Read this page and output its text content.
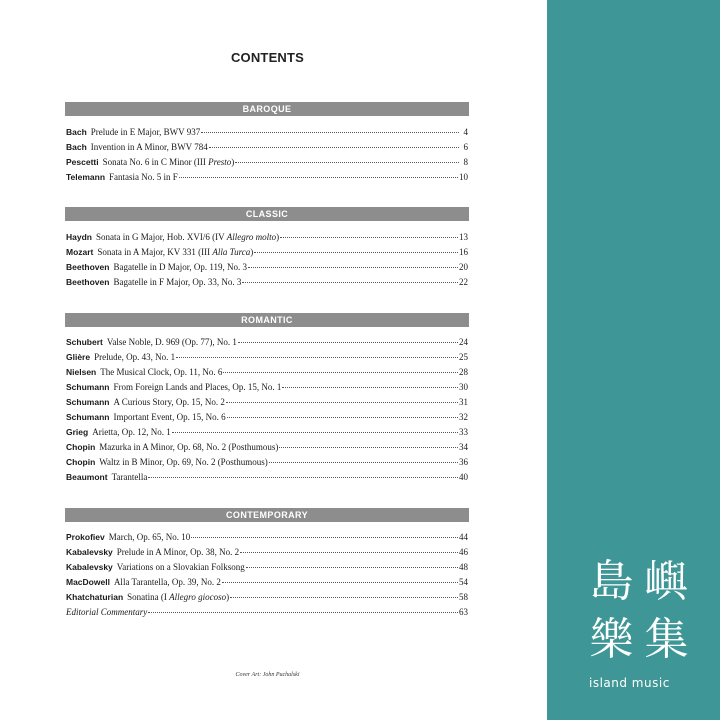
CONTENTS
BAROQUE
Bach Prelude in E Major, BWV 937	4
Bach Invention in A Minor, BWV 784	6
Pescetti Sonata No. 6 in C Minor (III Presto)	8
Telemann Fantasia No. 5 in F	10
CLASSIC
Haydn Sonata in G Major, Hob. XVI/6 (IV Allegro molto)	13
Mozart Sonata in A Major, KV 331 (III Alla Turca)	16
Beethoven Bagatelle in D Major, Op. 119, No. 3	20
Beethoven Bagatelle in F Major, Op. 33, No. 3	22
ROMANTIC
Schubert Valse Noble, D. 969 (Op. 77), No. 1	24
Glière Prelude, Op. 43, No. 1	25
Nielsen The Musical Clock, Op. 11, No. 6	28
Schumann From Foreign Lands and Places, Op. 15, No. 1	30
Schumann A Curious Story, Op. 15, No. 2	31
Schumann Important Event, Op. 15, No. 6	32
Grieg Arietta, Op. 12, No. 1	33
Chopin Mazurka in A Minor, Op. 68, No. 2 (Posthumous)	34
Chopin Waltz in B Minor, Op. 69, No. 2 (Posthumous)	36
Beaumont Tarantella	40
CONTEMPORARY
Prokofiev March, Op. 65, No. 10	44
Kabalevsky Prelude in A Minor, Op. 38, No. 2	46
Kabalevsky Variations on a Slovakian Folksong	48
MacDowell Alla Tarantella, Op. 39, No. 2	54
Khatchaturian Sonatina (I Allegro giocoso)	58
Editorial Commentary	63
Cover Art: John Puchalski
島 嶼
樂 集
island music
